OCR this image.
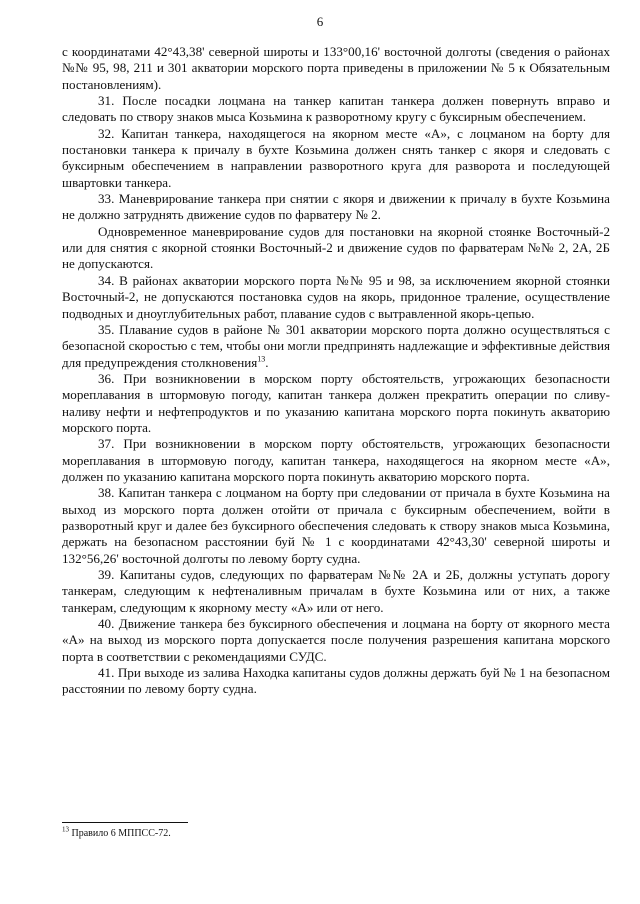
6

с координатами 42°43,38' северной широты и 133°00,16' восточной долготы (сведения о районах №№ 95, 98, 211 и 301 акватории морского порта приведены в приложении № 5 к Обязательным постановлениям).

31. После посадки лоцмана на танкер капитан танкера должен повернуть вправо и следовать по створу знаков мыса Козьмина к разворотному кругу с буксирным обеспечением.

32. Капитан танкера, находящегося на якорном месте «А», с лоцманом на борту для постановки танкера к причалу в бухте Козьмина должен снять танкер с якоря и следовать с буксирным обеспечением в направлении разворотного круга для разворота и последующей швартовки танкера.

33. Маневрирование танкера при снятии с якоря и движении к причалу в бухте Козьмина не должно затруднять движение судов по фарватеру № 2.

Одновременное маневрирование судов для постановки на якорной стоянке Восточный-2 или для снятия с якорной стоянки Восточный-2 и движение судов по фарватерам №№ 2, 2А, 2Б не допускаются.

34. В районах акватории морского порта №№ 95 и 98, за исключением якорной стоянки Восточный-2, не допускаются постановка судов на якорь, придонное траление, осуществление подводных и дноуглубительных работ, плавание судов с вытравленной якорь-цепью.

35. Плавание судов в районе № 301 акватории морского порта должно осуществляться с безопасной скоростью с тем, чтобы они могли предпринять надлежащие и эффективные действия для предупреждения столкновения$^{13}$.

36. При возникновении в морском порту обстоятельств, угрожающих безопасности мореплавания в штормовую погоду, капитан танкера должен прекратить операции по сливу-наливу нефти и нефтепродуктов и по указанию капитана морского порта покинуть акваторию морского порта.

37. При возникновении в морском порту обстоятельств, угрожающих безопасности мореплавания в штормовую погоду, капитан танкера, находящегося на якорном месте «А», должен по указанию капитана морского порта покинуть акваторию морского порта.

38. Капитан танкера с лоцманом на борту при следовании от причала в бухте Козьмина на выход из морского порта должен отойти от причала с буксирным обеспечением, войти в разворотный круг и далее без буксирного обеспечения следовать к створу знаков мыса Козьмина, держать на безопасном расстоянии буй № 1 с координатами 42°43,30' северной широты и 132°56,26' восточной долготы по левому борту судна.

39. Капитаны судов, следующих по фарватерам №№ 2А и 2Б, должны уступать дорогу танкерам, следующим к нефтеналивным причалам в бухте Козьмина или от них, а также танкерам, следующим к якорному месту «А» или от него.

40. Движение танкера без буксирного обеспечения и лоцмана на борту от якорного места «А» на выход из морского порта допускается после получения разрешения капитана морского порта в соответствии с рекомендациями СУДС.

41. При выходе из залива Находка капитаны судов должны держать буй № 1 на безопасном расстоянии по левому борту судна.

$^{13}$ Правило 6 МППСС-72.
